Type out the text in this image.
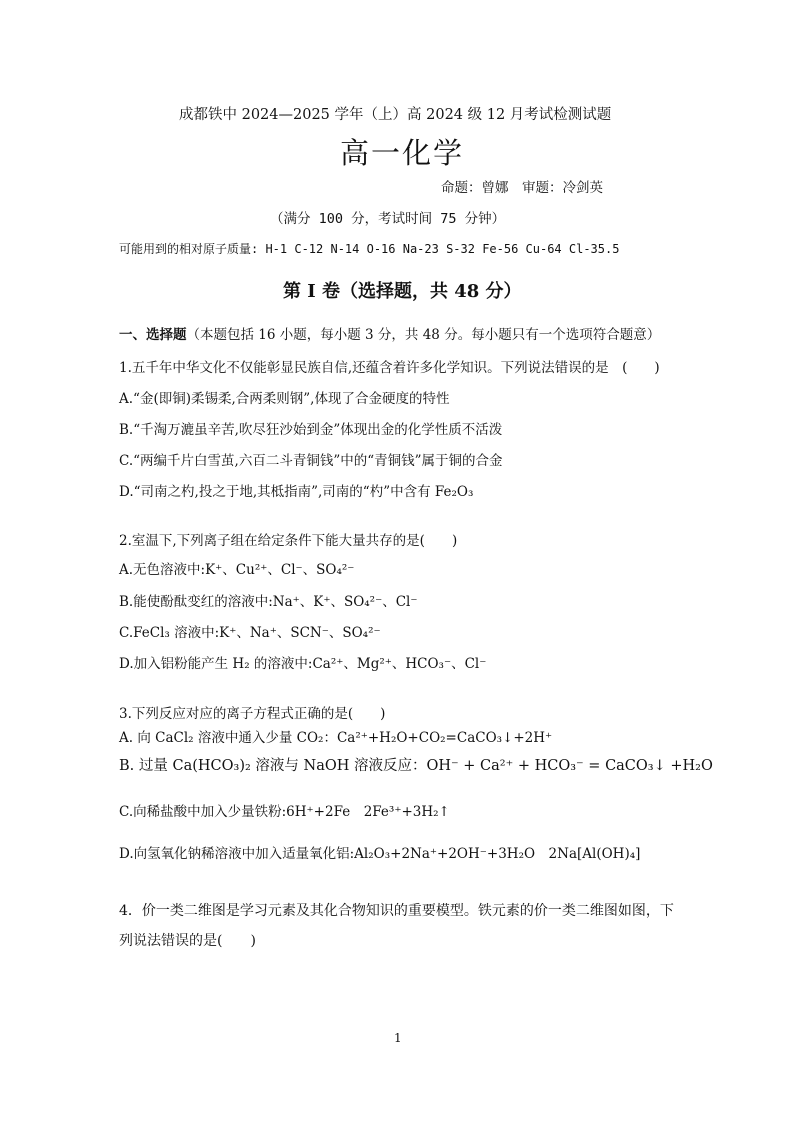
成都铁中 2024—2025 学年（上）高 2024 级 12 月考试检测试题
高一化学
命题：曾娜　审题：冷剑英
（满分 100 分，考试时间 75 分钟）
可能用到的相对原子质量: H-1 C-12 N-14 O-16 Na-23 S-32 Fe-56 Cu-64 Cl-35.5
第 I 卷（选择题，共 48 分）
一、选择题（本题包括 16 小题，每小题 3 分，共 48 分。每小题只有一个选项符合题意）
1.五千年中华文化不仅能彰显民族自信,还蕴含着许多化学知识。下列说法错误的是　(　　)
A.“金(即铜)柔锡柔,合两柔则钢”,体现了合金硬度的特性
B.“千淘万漉虽辛苦,吹尽狂沙始到金”体现出金的化学性质不活泼
C.“两编千片白雪茧,六百二斗青铜钱”中的“青铜钱”属于铜的合金
D.“司南之杓,投之于地,其柢指南”,司南的“杓”中含有 Fe₂O₃
2.室温下,下列离子组在给定条件下能大量共存的是(　　)
A.无色溶液中:K⁺、Cu²⁺、Cl⁻、SO₄²⁻
B.能使酚酞变红的溶液中:Na⁺、K⁺、SO₄²⁻、Cl⁻
C.FeCl₃ 溶液中:K⁺、Na⁺、SCN⁻、SO₄²⁻
D.加入铝粉能产生 H₂ 的溶液中:Ca²⁺、Mg²⁺、HCO₃⁻、Cl⁻
3.下列反应对应的离子方程式正确的是(　　)
A. 向 CaCl₂ 溶液中通入少量 CO₂：Ca²⁺+H₂O+CO₂=CaCO₃↓+2H⁺
B. 过量 Ca(HCO₃)₂ 溶液与 NaOH 溶液反应：OH⁻ + Ca²⁺ + HCO₃⁻ = CaCO₃↓ +H₂O
C.向稀盐酸中加入少量铁粉:6H⁺+2Fe　2Fe³⁺+3H₂↑
D.向氢氧化钠稀溶液中加入适量氧化铝:Al₂O₃+2Na⁺+2OH⁻+3H₂O　2Na[Al(OH)₄]
4．价一类二维图是学习元素及其化合物知识的重要模型。铁元素的价一类二维图如图，下
列说法错误的是(　　)
1
